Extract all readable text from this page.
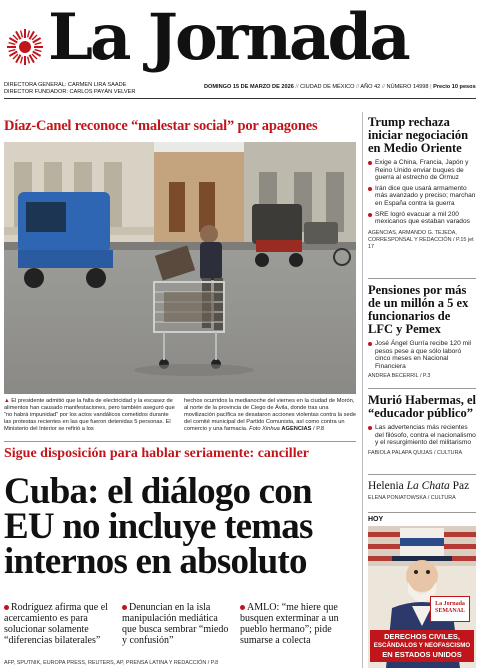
La Jornada
DIRECTORA GENERAL: CARMEN LIRA SAADE
DIRECTOR FUNDADOR: CARLOS PAYÁN VELVER
DOMINGO 15 DE MARZO DE 2026 // CIUDAD DE MÉXICO // AÑO 42 // NÚMERO 14998 | Precio 10 pesos
Díaz-Canel reconoce “malestar social” por apagones
▲ El presidente admitió que la falta de electricidad y la escasez de alimentos han causado manifestaciones, pero también aseguró que “no habrá impunidad” por los actos vandálicos cometidos durante las protestas recientes en las que fueron detenidas 5 personas. El Ministerio del Interior se refirió a los
hechos ocurridos la medianoche del viernes en la ciudad de Morón, al norte de la provincia de Ciego de Ávila, donde tras una movilización pacífica se desataron acciones violentas contra la sede del comité municipal del Partido Comunista, así como contra un comercio y una farmacia. Foto Xinhua AGENCIAS / P.8
Sigue disposición para hablar seriamente: canciller
Cuba: el diálogo con
EU no incluye temas
internos en absoluto
Rodríguez afirma que el acercamiento es para solucionar solamente “diferencias bilaterales”
Denuncian en la isla manipulación mediática que busca sembrar “miedo y confusión”
AMLO: “me hiere que busquen exterminar a un pueblo hermano”; pide sumarse a colecta
AFP, SPUTNIK, EUROPA PRESS, REUTERS, AP, PRENSA LATINA Y REDACCIÓN / P.8
Trump rechaza iniciar negociación en Medio Oriente
Exige a China, Francia, Japón y Reino Unido enviar buques de guerra al estrecho de Ormuz
Irán dice que usará armamento más avanzado y preciso; marchan en España contra la guerra
SRE logró evacuar a mil 200 mexicanos que estaban varados
AGENCIAS, ARMANDO G. TEJEDA, CORRESPONSAL Y REDACCIÓN / P.15 jet 17
Pensiones por más de un millón a 5 ex funcionarios de LFC y Pemex
José Ángel Gurría recibe 120 mil pesos pese a que sólo laboró cinco meses en Nacional Financiera
ANDREA BECERRIL / P.3
Murió Habermas, el “educador público”
Las advertencias más recientes del filósofo, contra el nacionalismo y el resurgimiento del militarismo
FABIOLA PALAPA QUIJAS / CULTURA
Helenia La Chata Paz
ELENA PONIATOWSKA / CULTURA
HOY
La Jornada SEMANAL
DERECHOS CIVILES,
ESCÁNDALOS Y NEOFASCISMO
EN ESTADOS UNIDOS
